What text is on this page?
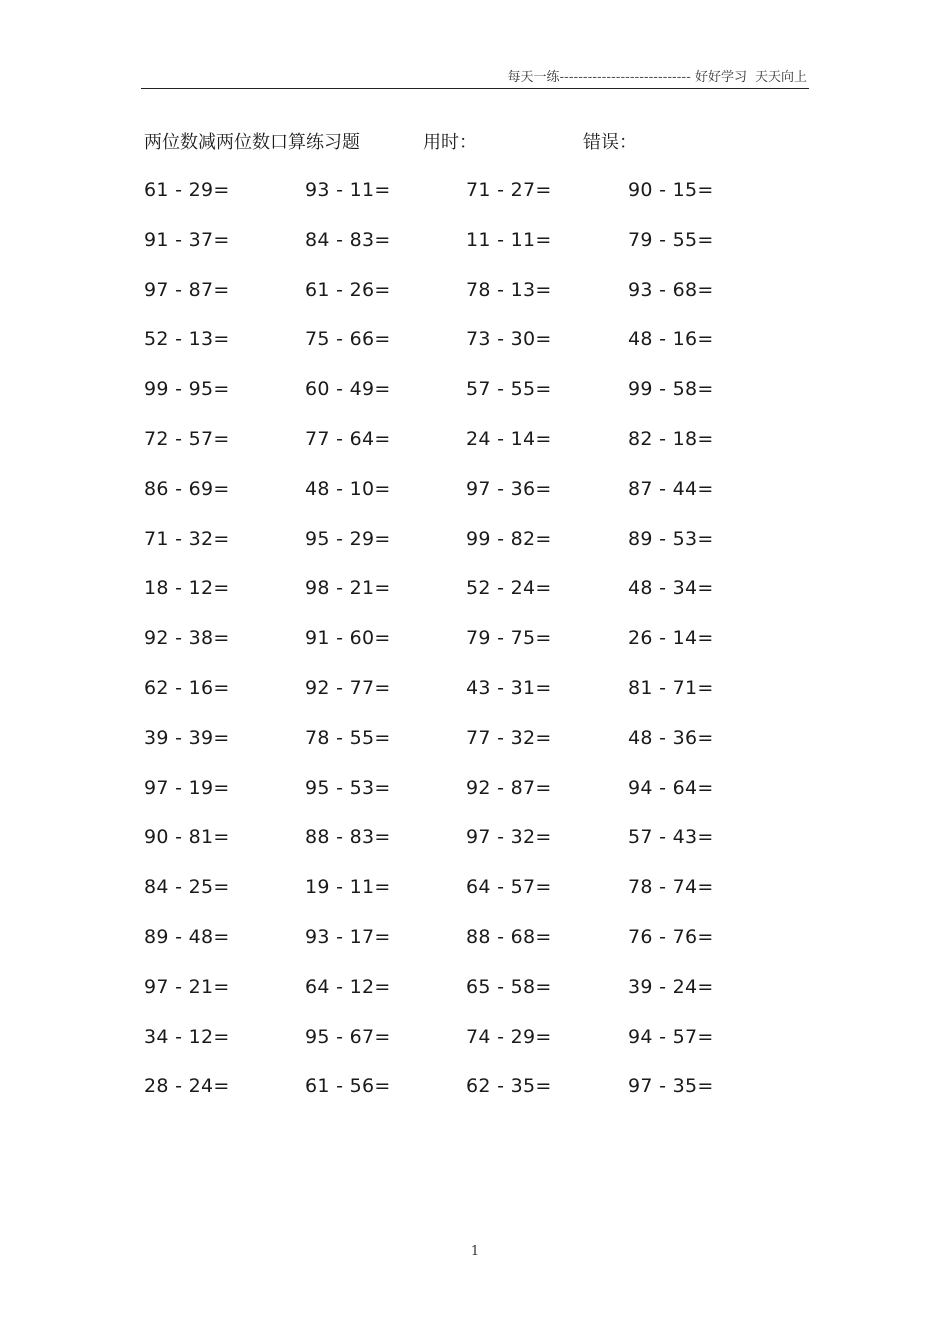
每天一练---------------------------- 好好学习 天天向上
两位数减两位数口算练习题	用时：	错误：
61 - 29=	93 - 11=	71 - 27=	90 - 15=
91 - 37=	84 - 83=	11 - 11=	79 - 55=
97 - 87=	61 - 26=	78 - 13=	93 - 68=
52 - 13=	75 - 66=	73 - 30=	48 - 16=
99 - 95=	60 - 49=	57 - 55=	99 - 58=
72 - 57=	77 - 64=	24 - 14=	82 - 18=
86 - 69=	48 - 10=	97 - 36=	87 - 44=
71 - 32=	95 - 29=	99 - 82=	89 - 53=
18 - 12=	98 - 21=	52 - 24=	48 - 34=
92 - 38=	91 - 60=	79 - 75=	26 - 14=
62 - 16=	92 - 77=	43 - 31=	81 - 71=
39 - 39=	78 - 55=	77 - 32=	48 - 36=
97 - 19=	95 - 53=	92 - 87=	94 - 64=
90 - 81=	88 - 83=	97 - 32=	57 - 43=
84 - 25=	19 - 11=	64 - 57=	78 - 74=
89 - 48=	93 - 17=	88 - 68=	76 - 76=
97 - 21=	64 - 12=	65 - 58=	39 - 24=
34 - 12=	95 - 67=	74 - 29=	94 - 57=
28 - 24=	61 - 56=	62 - 35=	97 - 35=
1
